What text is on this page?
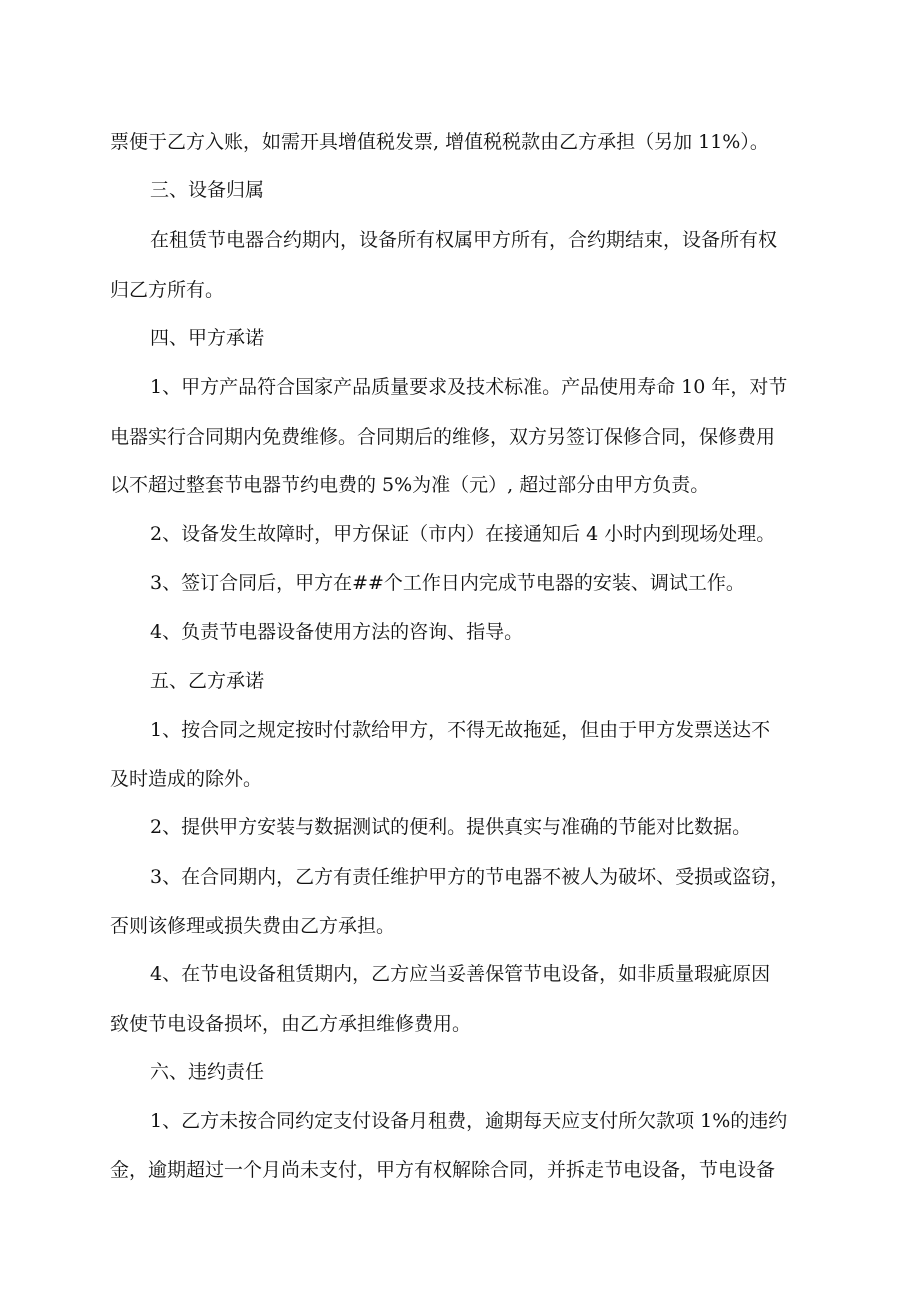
票便于乙方入账，如需开具增值税发票, 增值税税款由乙方承担（另加 11%）。
三、设备归属
在租赁节电器合约期内，设备所有权属甲方所有，合约期结束，设备所有权
归乙方所有。
四、甲方承诺
1、甲方产品符合国家产品质量要求及技术标准。产品使用寿命 10 年，对节
电器实行合同期内免费维修。合同期后的维修，双方另签订保修合同，保修费用
以不超过整套节电器节约电费的 5%为准（元）, 超过部分由甲方负责。
2、设备发生故障时，甲方保证（市内）在接通知后 4 小时内到现场处理。
3、签订合同后，甲方在##个工作日内完成节电器的安装、调试工作。
4、负责节电器设备使用方法的咨询、指导。
五、乙方承诺
1、按合同之规定按时付款给甲方，不得无故拖延，但由于甲方发票送达不
及时造成的除外。
2、提供甲方安装与数据测试的便利。提供真实与准确的节能对比数据。
3、在合同期内，乙方有责任维护甲方的节电器不被人为破坏、受损或盗窃，
否则该修理或损失费由乙方承担。
4、在节电设备租赁期内，乙方应当妥善保管节电设备，如非质量瑕疵原因
致使节电设备损坏，由乙方承担维修费用。
六、违约责任
1、乙方未按合同约定支付设备月租费，逾期每天应支付所欠款项 1%的违约
金，逾期超过一个月尚未支付，甲方有权解除合同，并拆走节电设备，节电设备
